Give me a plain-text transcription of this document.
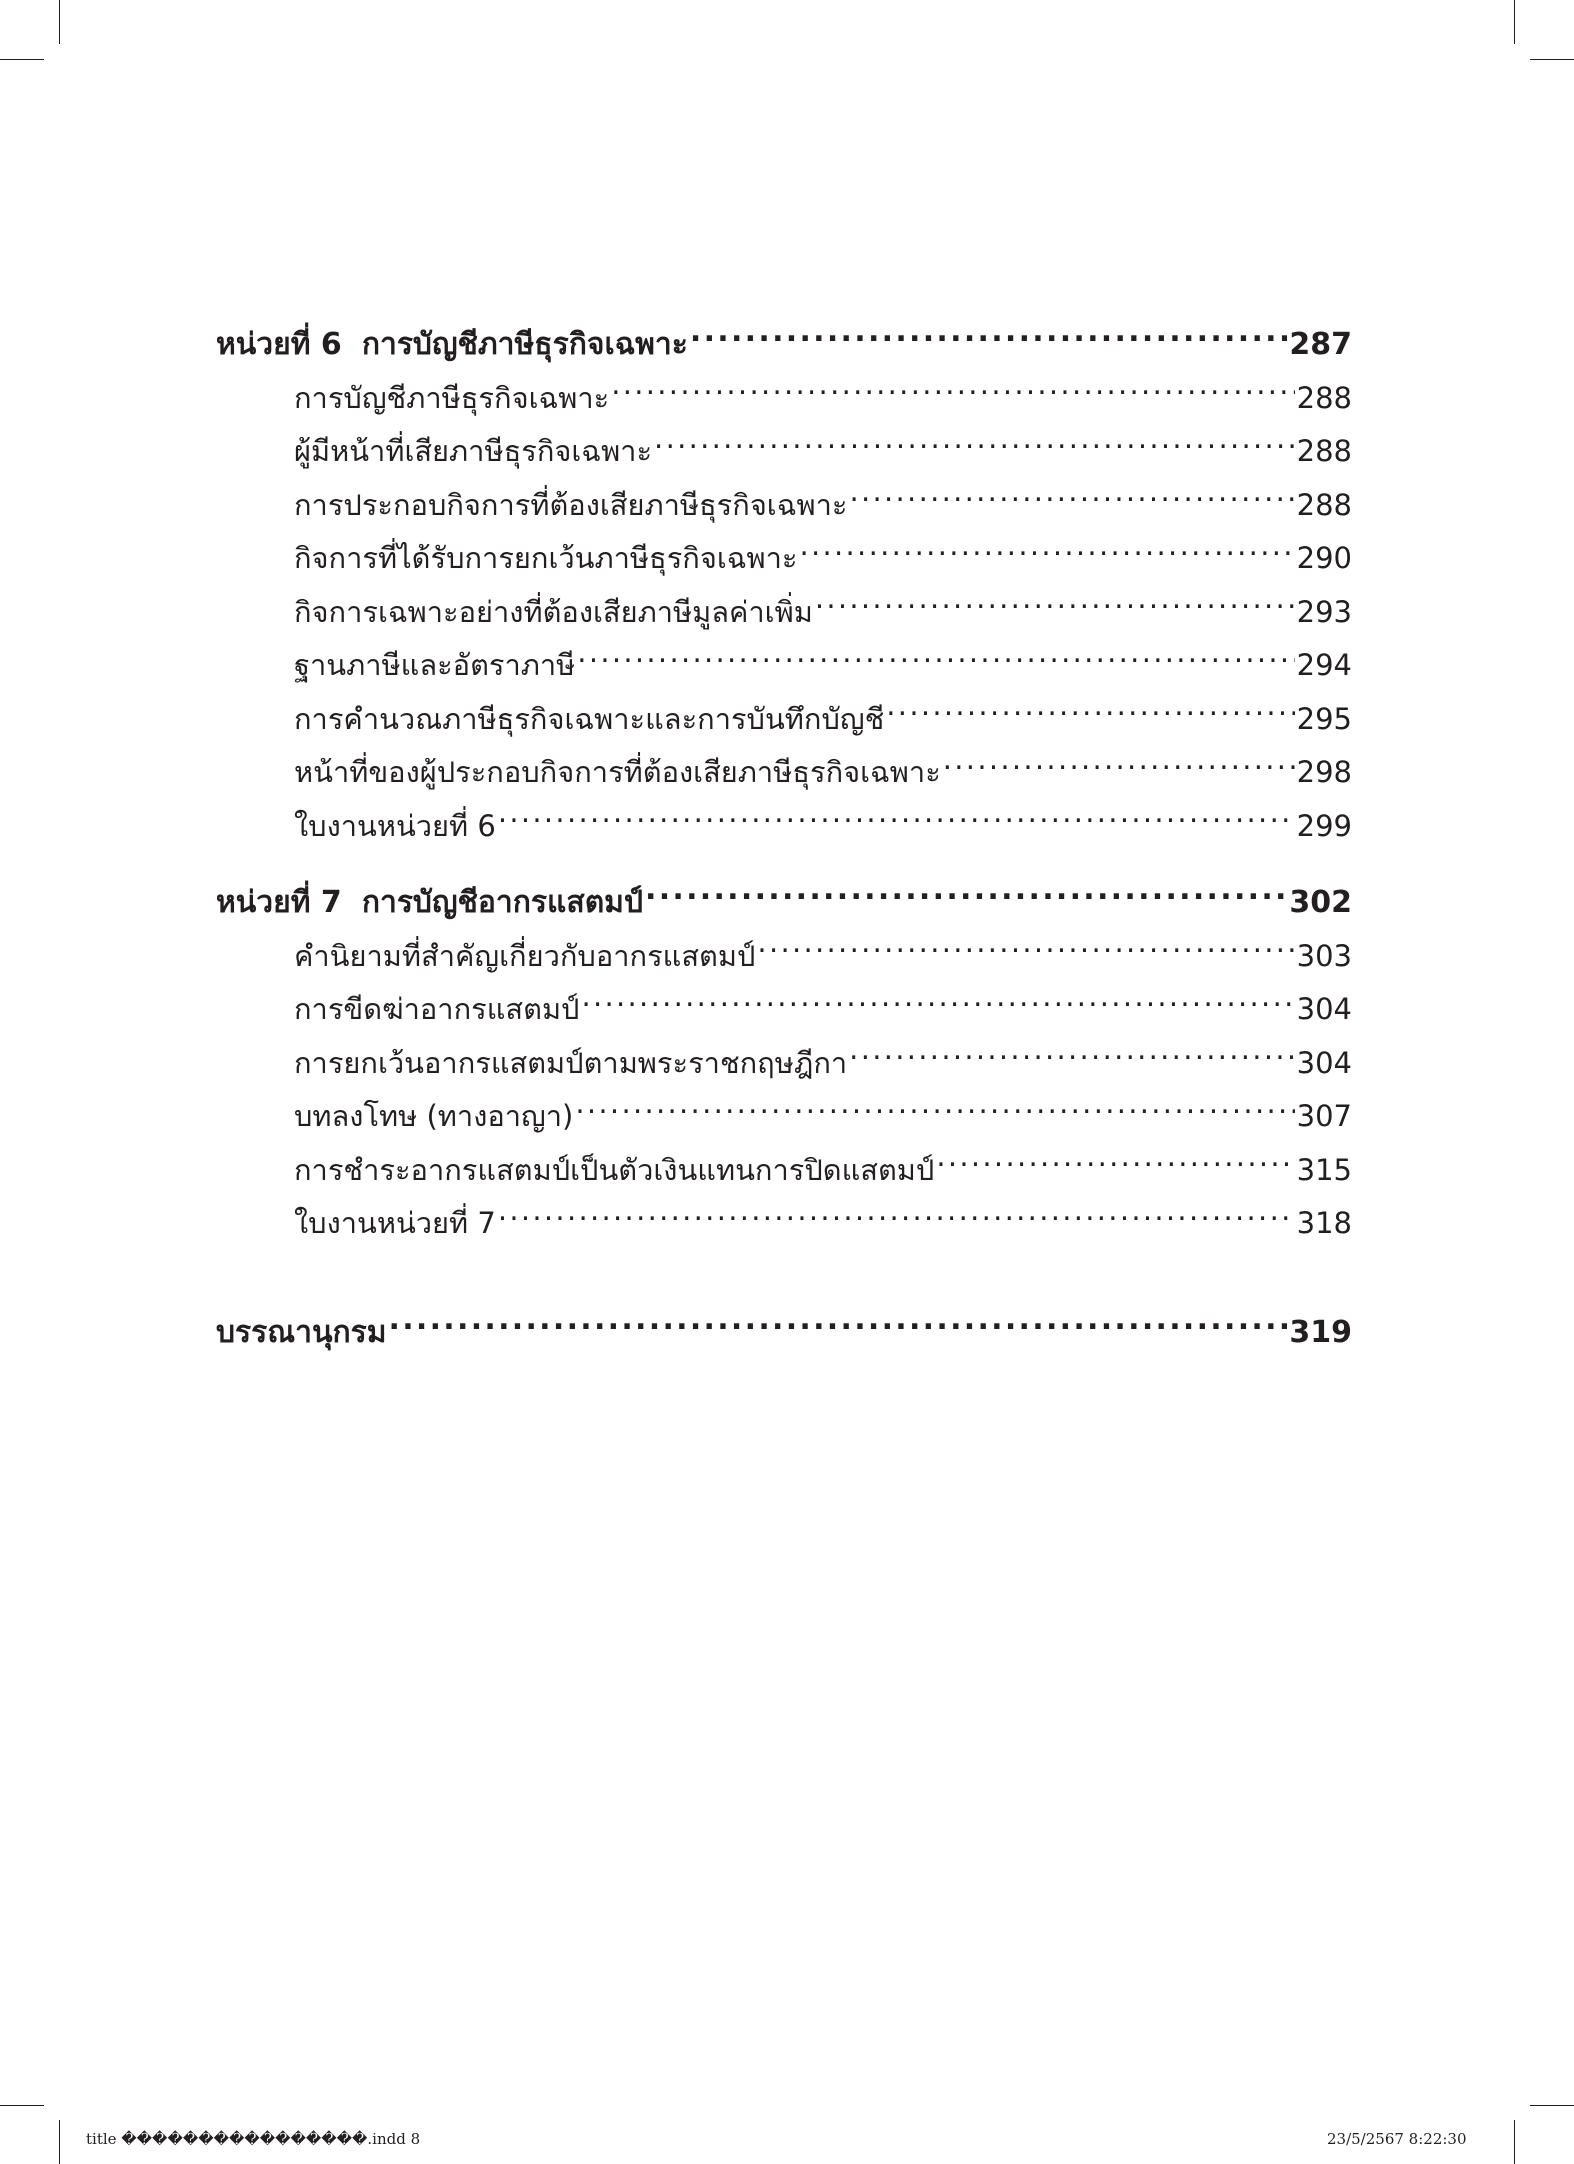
หน่วยที่ 6 การบัญชีภาษีธุรกิจเฉพาะ .....	287
การบัญชีภาษีธุรกิจเฉพาะ .....	288
ผู้มีหน้าที่เสียภาษีธุรกิจเฉพาะ .....	288
การประกอบกิจการที่ต้องเสียภาษีธุรกิจเฉพาะ .....	288
กิจการที่ได้รับการยกเว้นภาษีธุรกิจเฉพาะ .....	290
กิจการเฉพาะอย่างที่ต้องเสียภาษีมูลค่าเพิ่ม .....	293
ฐานภาษีและอัตราภาษี .....	294
การคำนวณภาษีธุรกิจเฉพาะและการบันทึกบัญชี .....	295
หน้าที่ของผู้ประกอบกิจการที่ต้องเสียภาษีธุรกิจเฉพาะ .....	298
ใบงานหน่วยที่ 6 .....	299
หน่วยที่ 7 การบัญชีอากรแสตมป์ .....	302
คำนิยามที่สำคัญเกี่ยวกับอากรแสตมป์ .....	303
การขีดฆ่าอากรแสตมป์ .....	304
การยกเว้นอากรแสตมป์ตามพระราชกฤษฎีกา .....	304
บทลงโทษ (ทางอาญา) .....	307
การชำระอากรแสตมป์เป็นตัวเงินแทนการปิดแสตมป์ .....	315
ใบงานหน่วยที่ 7 .....	318
บรรณานุกรม .....	319
title ����������������.indd 8	23/5/2567 8:22:30
